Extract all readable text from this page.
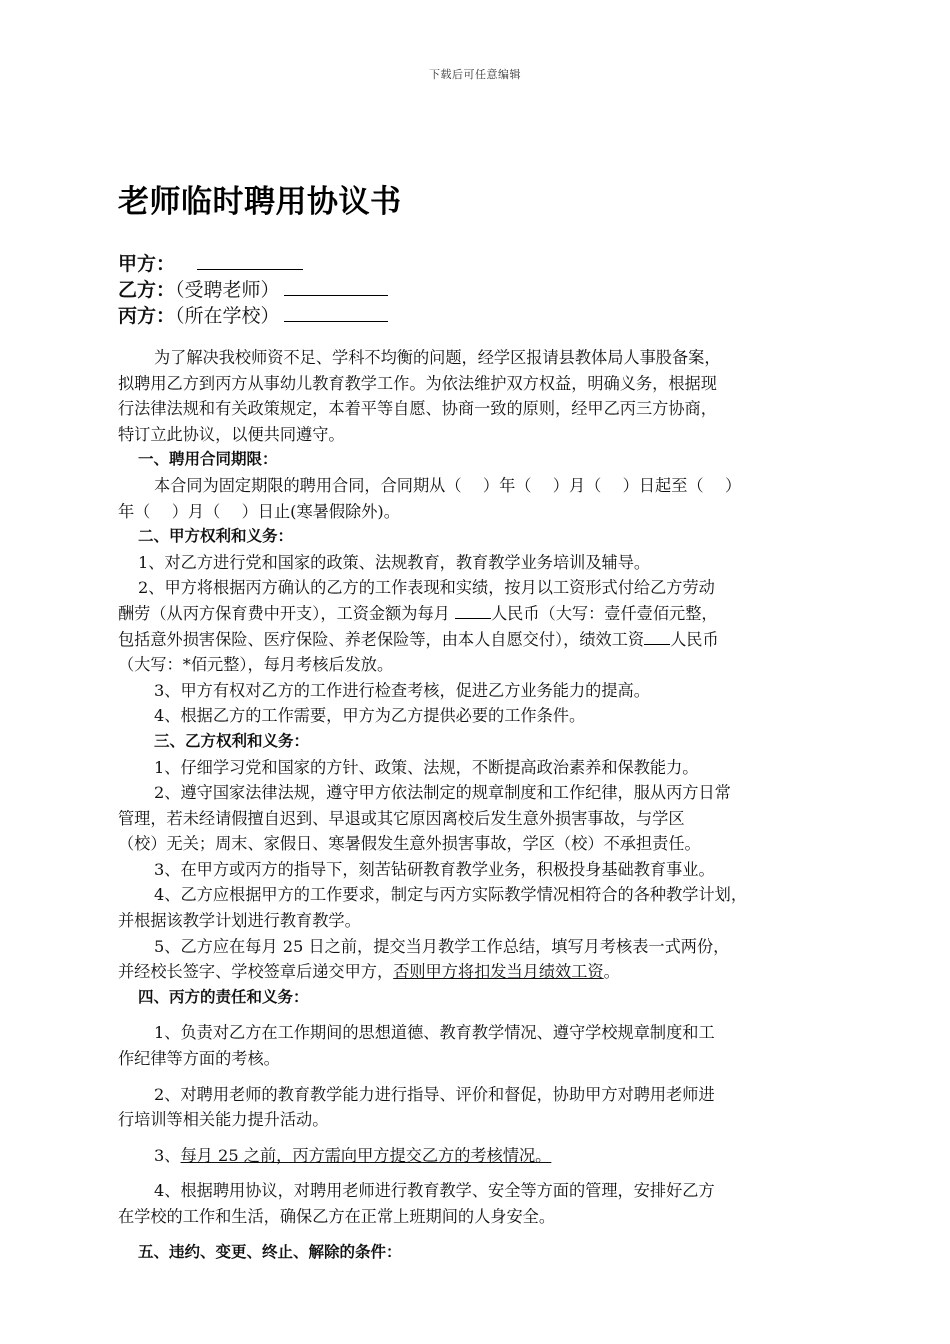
下载后可任意编辑
老师临时聘用协议书
甲方：
乙方：（受聘老师）
丙方：（所在学校）

为了解决我校师资不足、学科不均衡的问题，经学区报请县教体局人事股备案，

拟聘用乙方到丙方从事幼儿教育教学工作。为依法维护双方权益，明确义务，根据现

行法律法规和有关政策规定，本着平等自愿、协商一致的原则，经甲乙丙三方协商，

特订立此协议，以便共同遵守。

一、聘用合同期限：

本合同为固定期限的聘用合同，合同期从（　 ）年（　 ）月（　 ）日起至（　 ）

年（　 ）月（　 ）日止(寒暑假除外)。

二、甲方权利和义务：

1、对乙方进行党和国家的政策、法规教育，教育教学业务培训及辅导。

2、甲方将根据丙方确认的乙方的工作表现和实绩，按月以工资形式付给乙方劳动

酬劳（从丙方保育费中开支），工资金额为每月 人民币（大写：壹仟壹佰元整，

包括意外损害保险、医疗保险、养老保险等，由本人自愿交付），绩效工资 人民币

（大写：*佰元整），每月考核后发放。

3、甲方有权对乙方的工作进行检查考核，促进乙方业务能力的提高。

4、根据乙方的工作需要，甲方为乙方提供必要的工作条件。

三、乙方权利和义务：

1、仔细学习党和国家的方针、政策、法规，不断提高政治素养和保教能力。

2、遵守国家法律法规，遵守甲方依法制定的规章制度和工作纪律，服从丙方日常

管理，若未经请假擅自迟到、早退或其它原因离校后发生意外损害事故，与学区

（校）无关；周末、家假日、寒暑假发生意外损害事故，学区（校）不承担责任。

3、在甲方或丙方的指导下，刻苦钻研教育教学业务，积极投身基础教育事业。

4、乙方应根据甲方的工作要求，制定与丙方实际教学情况相符合的各种教学计划，

并根据该教学计划进行教育教学。

5、乙方应在每月 25 日之前，提交当月教学工作总结，填写月考核表一式两份，

并经校长签字、学校签章后递交甲方，否则甲方将扣发当月绩效工资。

四、丙方的责任和义务：

1、负责对乙方在工作期间的思想道德、教育教学情况、遵守学校规章制度和工

作纪律等方面的考核。

2、对聘用老师的教育教学能力进行指导、评价和督促，协助甲方对聘用老师进

行培训等相关能力提升活动。

3、每月 25 之前，丙方需向甲方提交乙方的考核情况。

4、根据聘用协议，对聘用老师进行教育教学、安全等方面的管理，安排好乙方

在学校的工作和生活，确保乙方在正常上班期间的人身安全。

五、违约、变更、终止、解除的条件：
